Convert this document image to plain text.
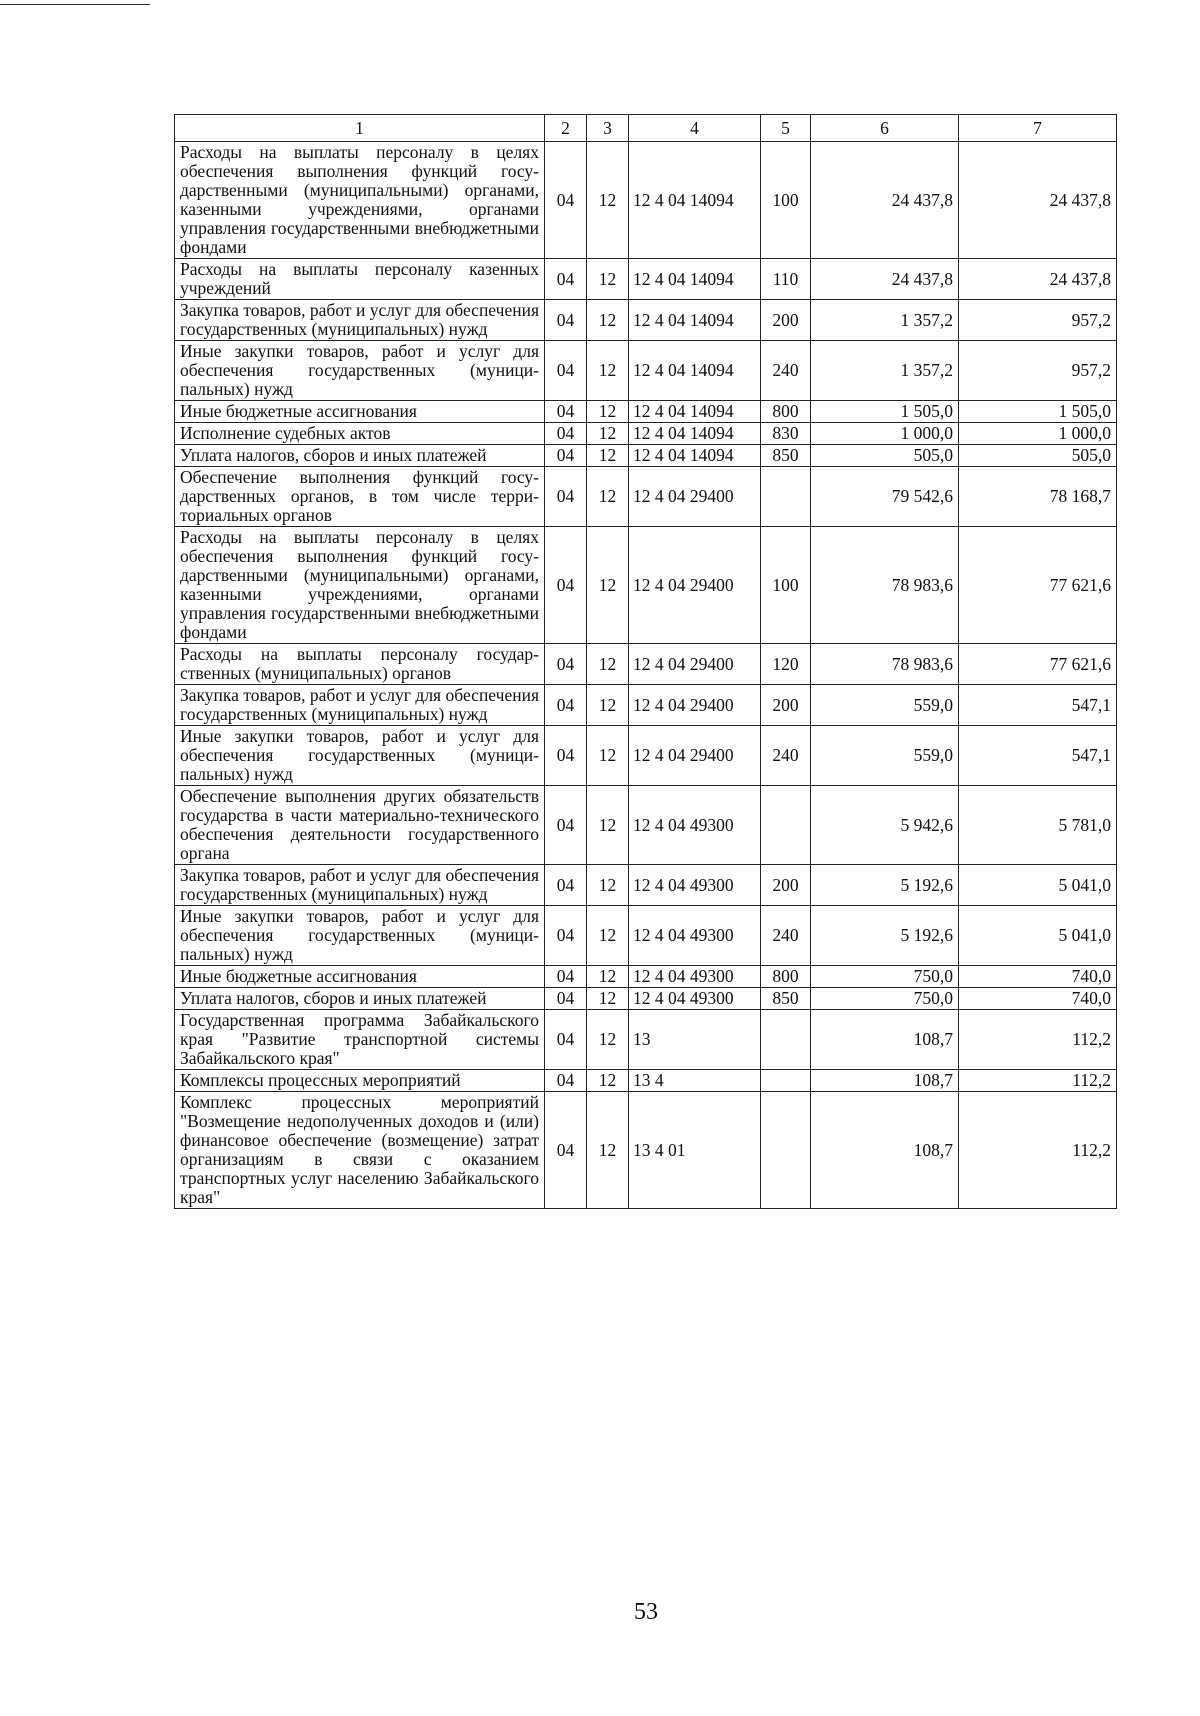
1	2	3	4	5	6	7
Расходы на выплаты персоналу в целях обеспечения выполнения функций государственными (муниципальными) органами, казенными учреждениями, органами управления государственными внебюджетными фондами	04	12	12 4 04 14094	100	24 437,8	24 437,8
Расходы на выплаты персоналу казенных учреждений	04	12	12 4 04 14094	110	24 437,8	24 437,8
Закупка товаров, работ и услуг для обеспечения государственных (муниципальных) нужд	04	12	12 4 04 14094	200	1 357,2	957,2
Иные закупки товаров, работ и услуг для обеспечения государственных (муниципальных) нужд	04	12	12 4 04 14094	240	1 357,2	957,2
Иные бюджетные ассигнования	04	12	12 4 04 14094	800	1 505,0	1 505,0
Исполнение судебных актов	04	12	12 4 04 14094	830	1 000,0	1 000,0
Уплата налогов, сборов и иных платежей	04	12	12 4 04 14094	850	505,0	505,0
Обеспечение выполнения функций государственных органов, в том числе территориальных органов	04	12	12 4 04 29400		79 542,6	78 168,7
Расходы на выплаты персоналу в целях обеспечения выполнения функций государственными (муниципальными) органами, казенными учреждениями, органами управления государственными внебюджетными фондами	04	12	12 4 04 29400	100	78 983,6	77 621,6
Расходы на выплаты персоналу государственных (муниципальных) органов	04	12	12 4 04 29400	120	78 983,6	77 621,6
Закупка товаров, работ и услуг для обеспечения государственных (муниципальных) нужд	04	12	12 4 04 29400	200	559,0	547,1
Иные закупки товаров, работ и услуг для обеспечения государственных (муниципальных) нужд	04	12	12 4 04 29400	240	559,0	547,1
Обеспечение выполнения других обязательств государства в части материально-технического обеспечения деятельности государственного органа	04	12	12 4 04 49300		5 942,6	5 781,0
Закупка товаров, работ и услуг для обеспечения государственных (муниципальных) нужд	04	12	12 4 04 49300	200	5 192,6	5 041,0
Иные закупки товаров, работ и услуг для обеспечения государственных (муниципальных) нужд	04	12	12 4 04 49300	240	5 192,6	5 041,0
Иные бюджетные ассигнования	04	12	12 4 04 49300	800	750,0	740,0
Уплата налогов, сборов и иных платежей	04	12	12 4 04 49300	850	750,0	740,0
Государственная программа Забайкальского края "Развитие транспортной системы Забайкальского края"	04	12	13		108,7	112,2
Комплексы процессных мероприятий	04	12	13 4		108,7	112,2
Комплекс процессных мероприятий "Возмещение недополученных доходов и (или) финансовое обеспечение (возмещение) затрат организациям в связи с оказанием транспортных услуг населению Забайкальского края"	04	12	13 4 01		108,7	112,2
53
